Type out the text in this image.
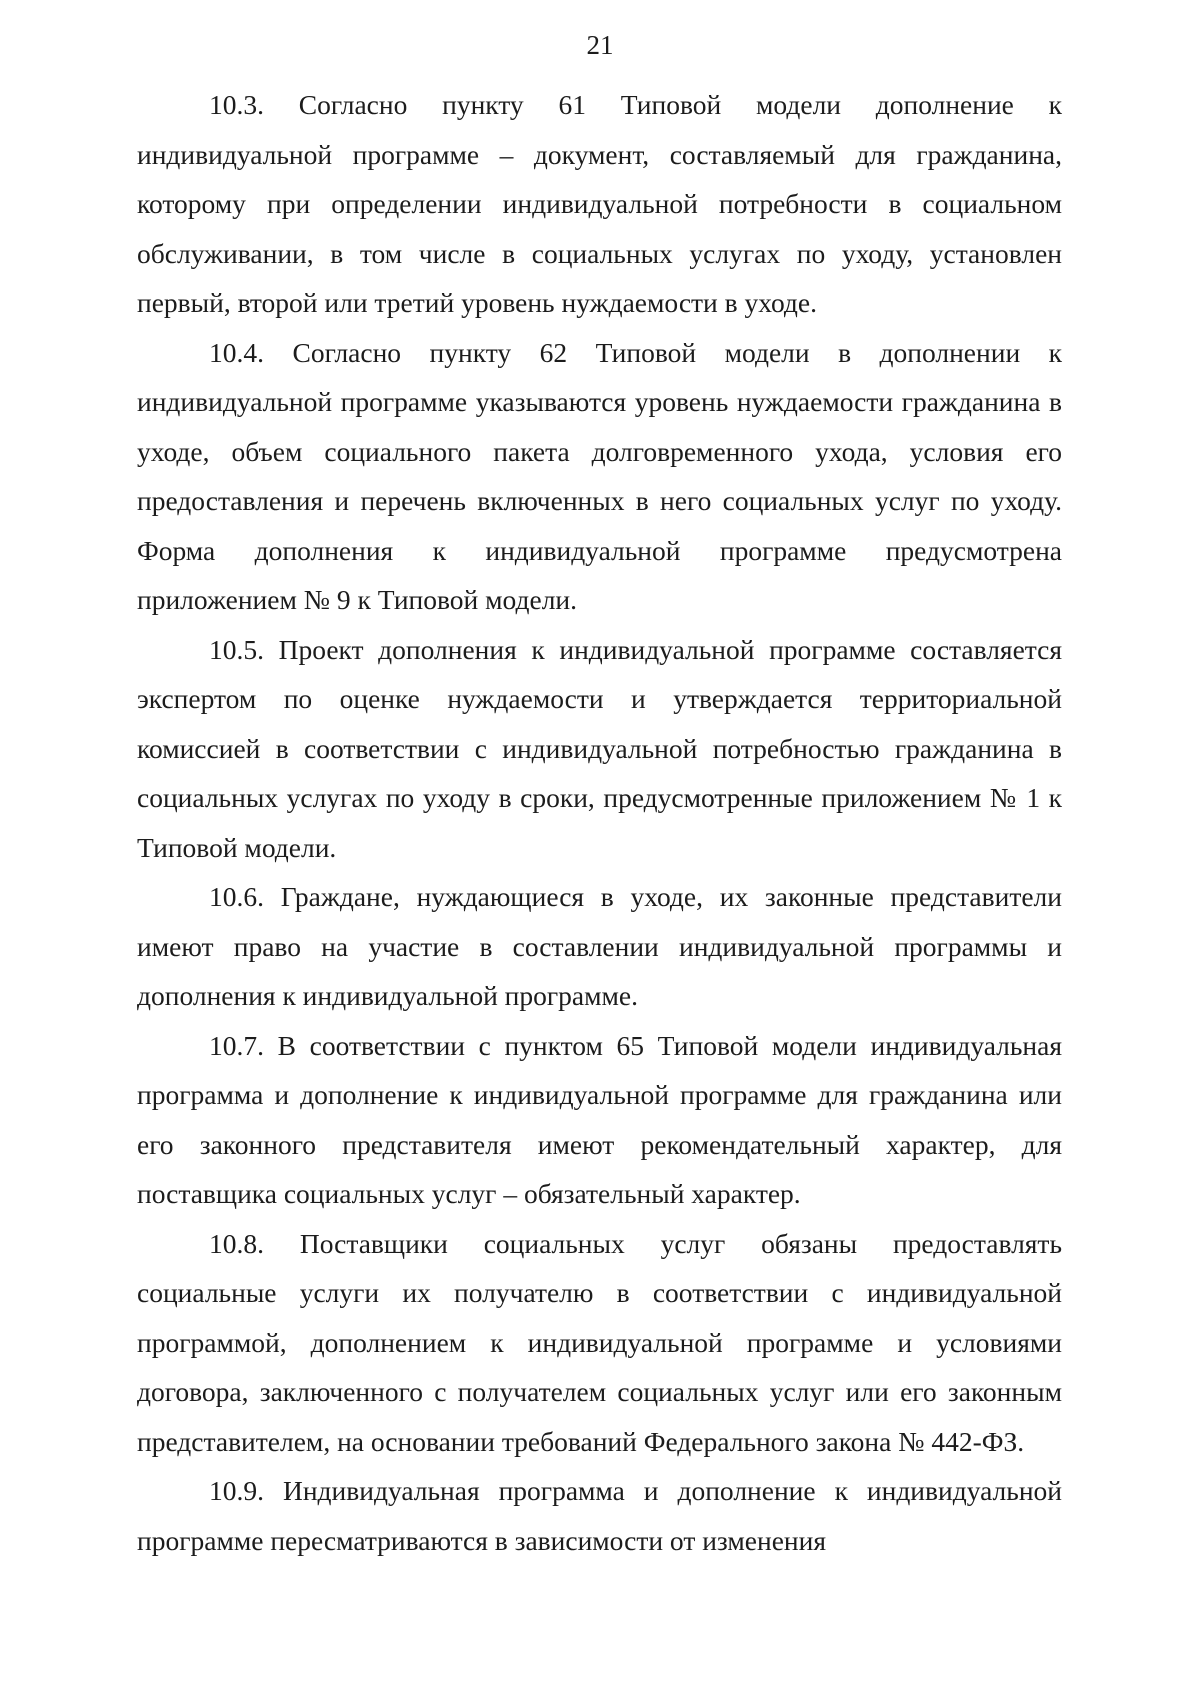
21

10.3. Согласно пункту 61 Типовой модели дополнение к индивидуальной программе – документ, составляемый для гражданина, которому при определении индивидуальной потребности в социальном обслуживании, в том числе в социальных услугах по уходу, установлен первый, второй или третий уровень нуждаемости в уходе.

10.4. Согласно пункту 62 Типовой модели в дополнении к индивидуальной программе указываются уровень нуждаемости гражданина в уходе, объем социального пакета долговременного ухода, условия его предоставления и перечень включенных в него социальных услуг по уходу. Форма дополнения к индивидуальной программе предусмотрена приложением № 9 к Типовой модели.

10.5. Проект дополнения к индивидуальной программе составляется экспертом по оценке нуждаемости и утверждается территориальной комиссией в соответствии с индивидуальной потребностью гражданина в социальных услугах по уходу в сроки, предусмотренные приложением № 1 к Типовой модели.

10.6. Граждане, нуждающиеся в уходе, их законные представители имеют право на участие в составлении индивидуальной программы и дополнения к индивидуальной программе.

10.7. В соответствии с пунктом 65 Типовой модели индивидуальная программа и дополнение к индивидуальной программе для гражданина или его законного представителя имеют рекомендательный характер, для поставщика социальных услуг – обязательный характер.

10.8. Поставщики социальных услуг обязаны предоставлять социальные услуги их получателю в соответствии с индивидуальной программой, дополнением к индивидуальной программе и условиями договора, заключенного с получателем социальных услуг или его законным представителем, на основании требований Федерального закона № 442-ФЗ.

10.9. Индивидуальная программа и дополнение к индивидуальной программе пересматриваются в зависимости от изменения
